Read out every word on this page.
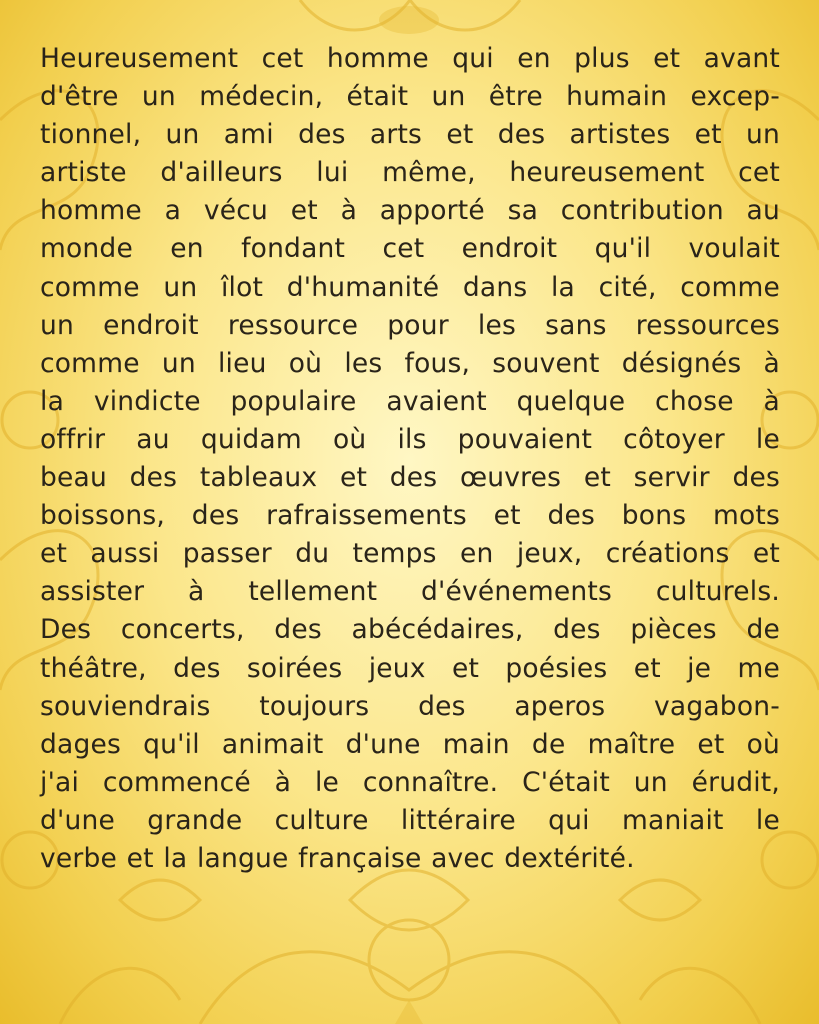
Heureusement cet homme qui en plus et avant
d'être un médecin, était un être humain excep-
tionnel, un ami des arts et des artistes et un
artiste d'ailleurs lui même, heureusement cet
homme a vécu et à apporté sa contribution au
monde en fondant cet endroit qu'il voulait
comme un îlot d'humanité dans la cité, comme
un endroit ressource pour les sans ressources
comme un lieu où les fous, souvent désignés à
la vindicte populaire avaient quelque chose à
offrir au quidam où ils pouvaient côtoyer le
beau des tableaux et des œuvres et servir des
boissons, des rafraissements et des bons mots
et aussi passer du temps en jeux, créations et
assister à tellement d'événements culturels.
Des concerts, des abécédaires, des pièces de
théâtre, des soirées jeux et poésies et je me
souviendrais toujours des aperos vagabon-
dages qu'il animait d'une main de maître et où
j'ai commencé à le connaître. C'était un érudit,
d'une grande culture littéraire qui maniait le
verbe et la langue française avec dextérité.
